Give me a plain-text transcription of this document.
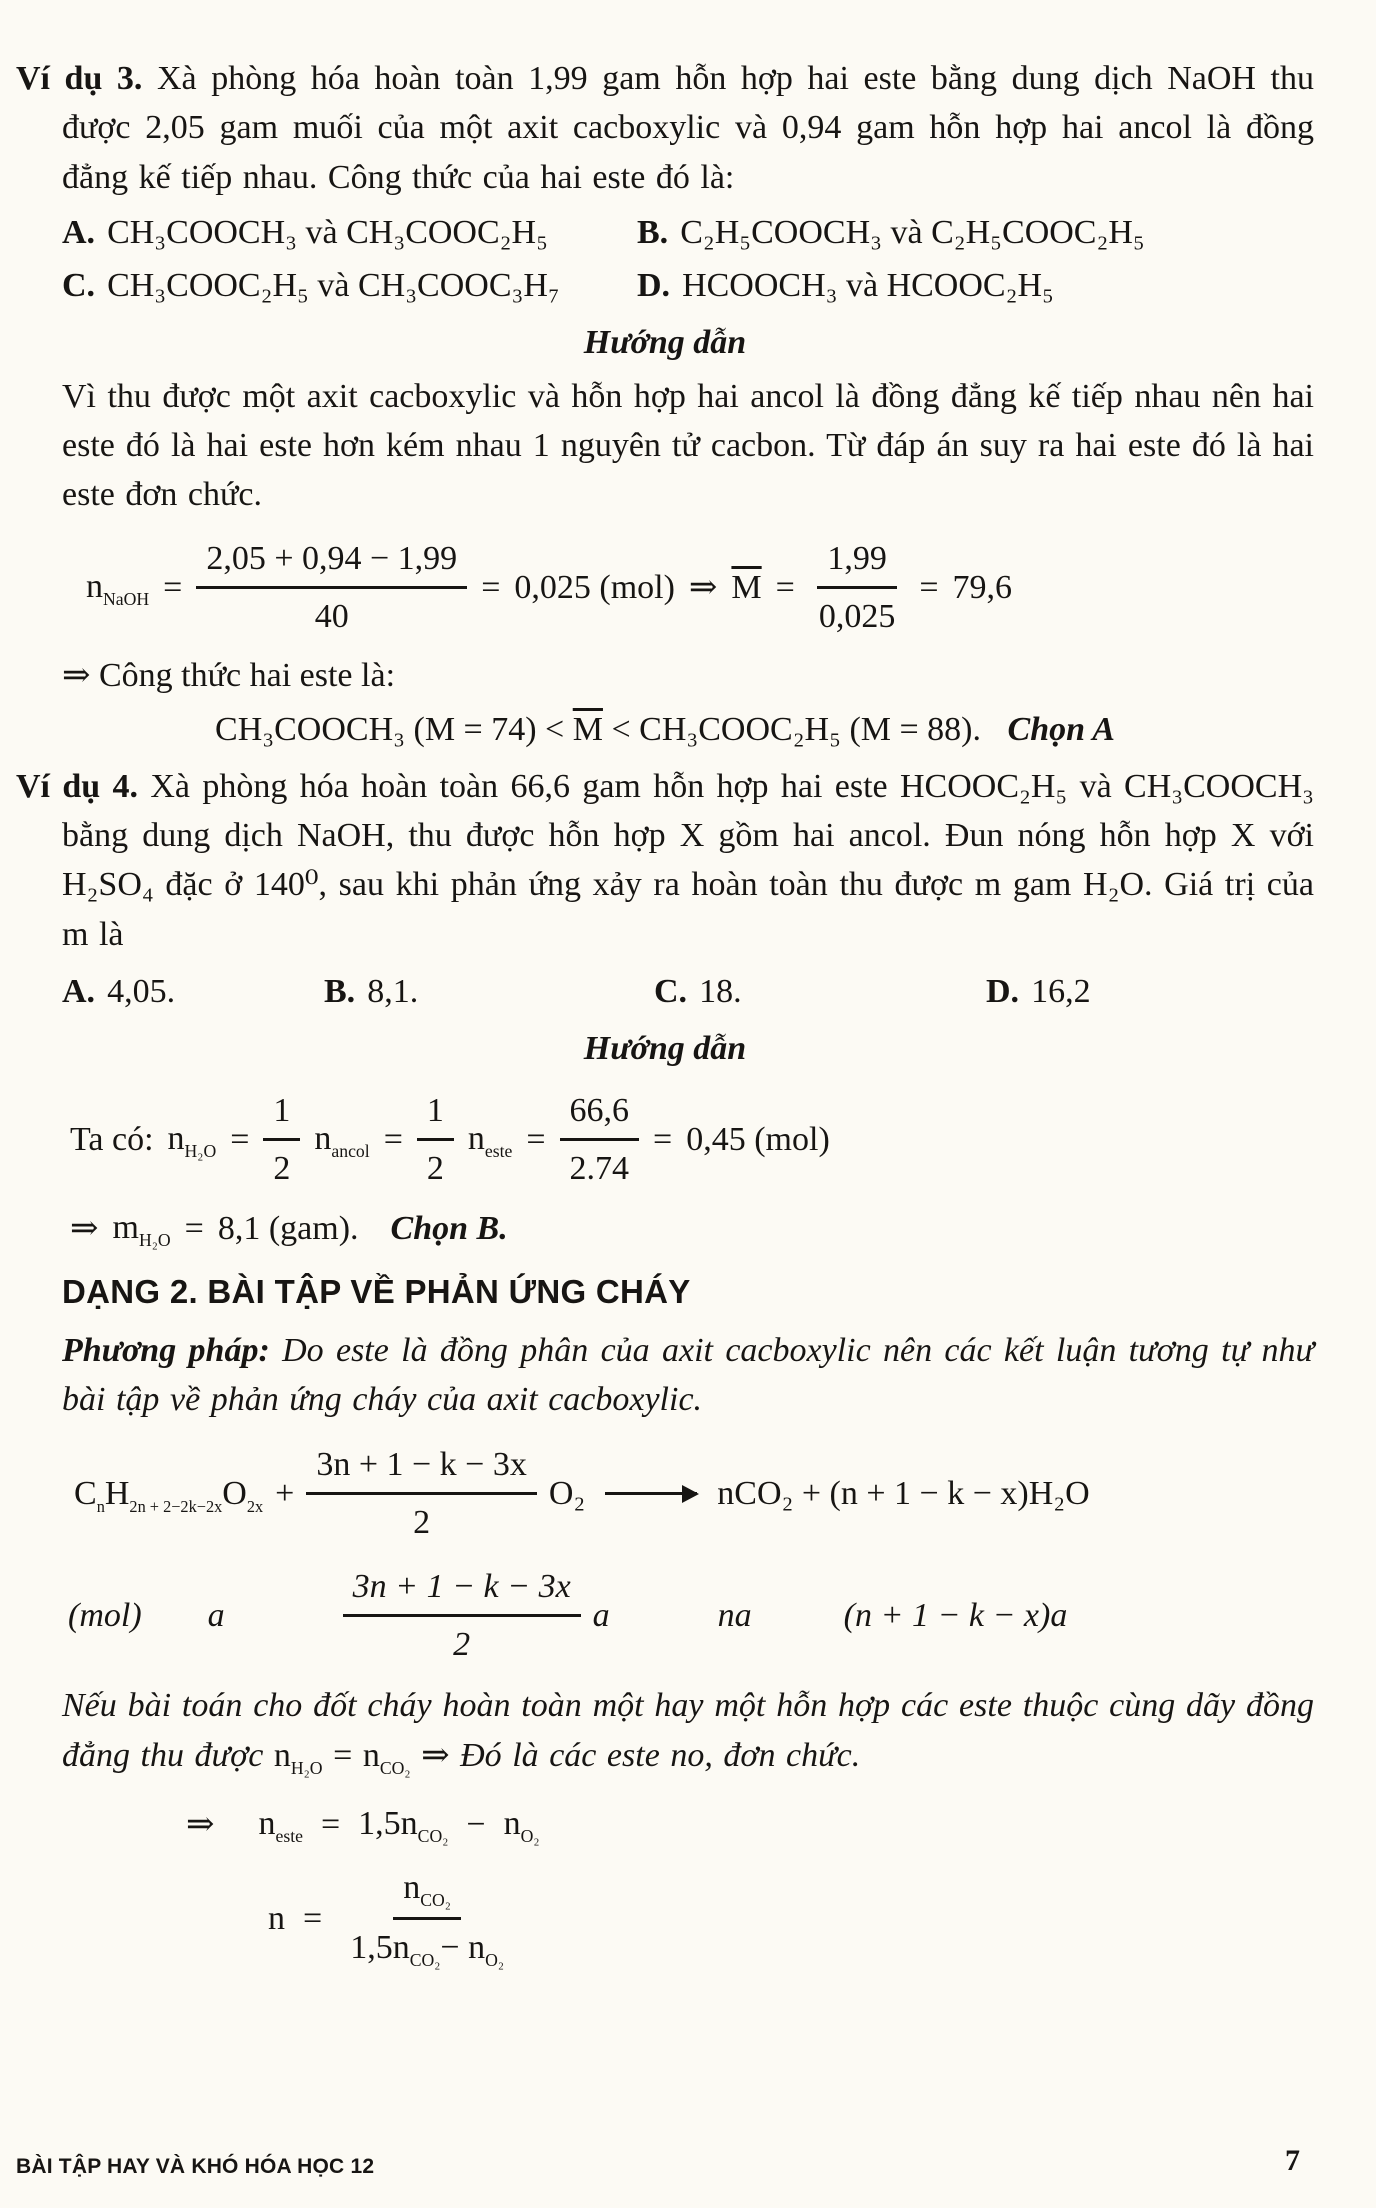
Ví dụ 3. Xà phòng hóa hoàn toàn 1,99 gam hỗn hợp hai este bằng dung dịch NaOH thu được 2,05 gam muối của một axit cacboxylic và 0,94 gam hỗn hợp hai ancol là đồng đẳng kế tiếp nhau. Công thức của hai este đó là:

A. CH₃COOCH₃ và CH₃COOC₂H₅	B. C₂H₅COOCH₃ và C₂H₅COOC₂H₅
C. CH₃COOC₂H₅ và CH₃COOC₃H₇	D. HCOOCH₃ và HCOOC₂H₅

Hướng dẫn

Vì thu được một axit cacboxylic và hỗn hợp hai ancol là đồng đẳng kế tiếp nhau nên hai este đó là hai este hơn kém nhau 1 nguyên tử cacbon. Từ đáp án suy ra hai este đó là hai este đơn chức.

$n_{NaOH} = \frac{2,05 + 0,94 - 1,99}{40} = 0,025$ (mol) ⇒ $\overline{M} = \frac{1,99}{0,025} = 79,6$

⇒ Công thức hai este là:

CH₃COOCH₃ $(M = 74) < \overline{M}$ < CH₃COOC₂H₅ (M = 88). Chọn A

Ví dụ 4. Xà phòng hóa hoàn toàn 66,6 gam hỗn hợp hai este HCOOC₂H₅ và CH₃COOCH₃ bằng dung dịch NaOH, thu được hỗn hợp X gồm hai ancol. Đun nóng hỗn hợp X với H₂SO₄ đặc ở 140⁰, sau khi phản ứng xảy ra hoàn toàn thu được m gam H₂O. Giá trị của m là

A. 4,05.	B. 8,1.	C. 18.	D. 16,2

Hướng dẫn

Ta có: $n_{H_2O} = \frac{1}{2} n_{ancol} = \frac{1}{2} n_{este} = \frac{66,6}{2.74} = 0,45$ (mol)
⇒ $m_{H_2O} = 8,1$ (gam). Chọn B.
DẠNG 2. BÀI TẬP VỀ PHẢN ỨNG CHÁY

Phương pháp: Do este là đồng phân của axit cacboxylic nên các kết luận tương tự như bài tập về phản ứng cháy của axit cacboxylic.

$C_nH_{2n + 2-2k-2x}O_{2x} + \frac{3n + 1 - k - 3x}{2} O_2$	nCO₂ + (n + 1 − k − x)H₂O
(mol) a	$\frac{3n + 1 - k - 3x}{2}$ a	na	(n + 1 − k − x)a

Nếu bài toán cho đốt cháy hoàn toàn một hay một hỗn hợp các este thuộc cùng dãy đồng đẳng thu được $n_{H_2O} = n_{CO_2}$ ⇒ Đó là các este no, đơn chức.

⇒ $n_{este} = 1,5n_{CO_2} - n_{O_2}$
$n = \frac{n_{CO_2}}{1,5n_{CO_2}- n_{O_2}}$
BÀI TẬP HAY VÀ KHÓ HÓA HỌC 12	7
